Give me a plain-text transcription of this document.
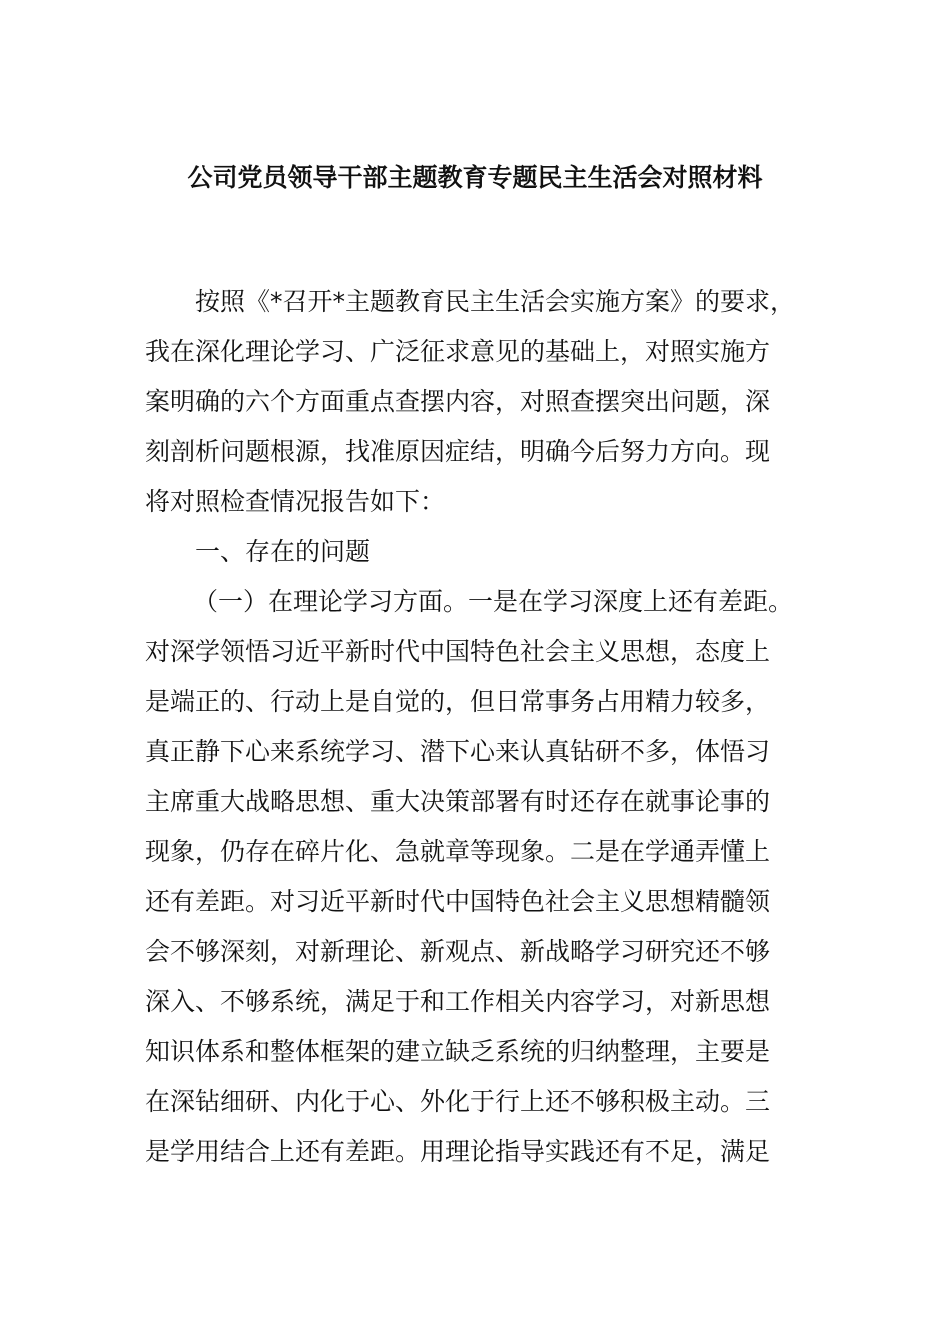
公司党员领导干部主题教育专题民主生活会对照材料
按照《*召开*主题教育民主生活会实施方案》的要求，
我在深化理论学习、广泛征求意见的基础上，对照实施方
案明确的六个方面重点查摆内容，对照查摆突出问题，深
刻剖析问题根源，找准原因症结，明确今后努力方向。现
将对照检查情况报告如下：
一、存在的问题
（一）在理论学习方面。一是在学习深度上还有差距。
对深学领悟习近平新时代中国特色社会主义思想，态度上
是端正的、行动上是自觉的，但日常事务占用精力较多，
真正静下心来系统学习、潜下心来认真钻研不多，体悟习
主席重大战略思想、重大决策部署有时还存在就事论事的
现象，仍存在碎片化、急就章等现象。二是在学通弄懂上
还有差距。对习近平新时代中国特色社会主义思想精髓领
会不够深刻，对新理论、新观点、新战略学习研究还不够
深入、不够系统，满足于和工作相关内容学习，对新思想
知识体系和整体框架的建立缺乏系统的归纳整理，主要是
在深钻细研、内化于心、外化于行上还不够积极主动。三
是学用结合上还有差距。用理论指导实践还有不足，满足
